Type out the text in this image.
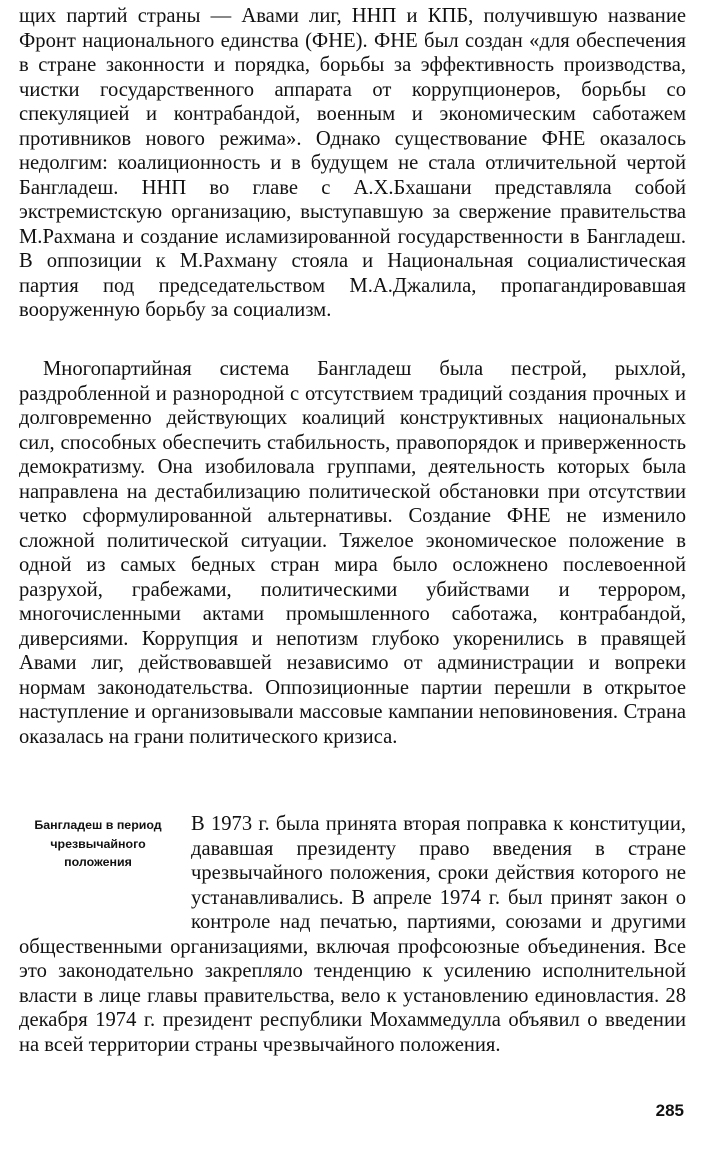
щих партий страны — Авами лиг, ННП и КПБ, получившую название Фронт национального единства (ФНЕ). ФНЕ был создан «для обеспечения в стране законности и порядка, борьбы за эффективность производства, чистки государственного аппарата от коррупционеров, борьбы со спекуляцией и контрабандой, военным и экономическим саботажем противников нового режима». Однако существование ФНЕ оказалось недолгим: коалиционность и в будущем не стала отличительной чертой Бангладеш. ННП во главе с А.Х.Бхашани представляла собой экстремистскую организацию, выступавшую за свержение правительства М.Рахмана и создание исламизированной государственности в Бангладеш. В оппозиции к М.Рахману стояла и Национальная социалистическая партия под председательством М.А.Джалила, пропагандировавшая вооруженную борьбу за социализм.

Многопартийная система Бангладеш была пестрой, рыхлой, раздробленной и разнородной с отсутствием традиций создания прочных и долговременно действующих коалиций конструктивных национальных сил, способных обеспечить стабильность, правопорядок и приверженность демократизму. Она изобиловала группами, деятельность которых была направлена на дестабилизацию политической обстановки при отсутствии четко сформулированной альтернативы. Создание ФНЕ не изменило сложной политической ситуации. Тяжелое экономическое положение в одной из самых бедных стран мира было осложнено послевоенной разрухой, грабежами, политическими убийствами и террором, многочисленными актами промышленного саботажа, контрабандой, диверсиями. Коррупция и непотизм глубоко укоренились в правящей Авами лиг, действовавшей независимо от администрации и вопреки нормам законодательства. Оппозиционные партии перешли в открытое наступление и организовывали массовые кампании неповиновения. Страна оказалась на грани политического кризиса.

Бангладеш в период чрезвычайного положения

В 1973 г. была принята вторая поправка к конституции, дававшая президенту право введения в стране чрезвычайного положения, сроки действия которого не устанавливались. В апреле 1974 г. был принят закон о контроле над печатью, партиями, союзами и другими общественными организациями, включая профсоюзные объединения. Все это законодательно закрепляло тенденцию к усилению исполнительной власти в лице главы правительства, вело к установлению единовластия. 28 декабря 1974 г. президент республики Мохаммедулла объявил о введении на всей территории страны чрезвычайного положения.

285
